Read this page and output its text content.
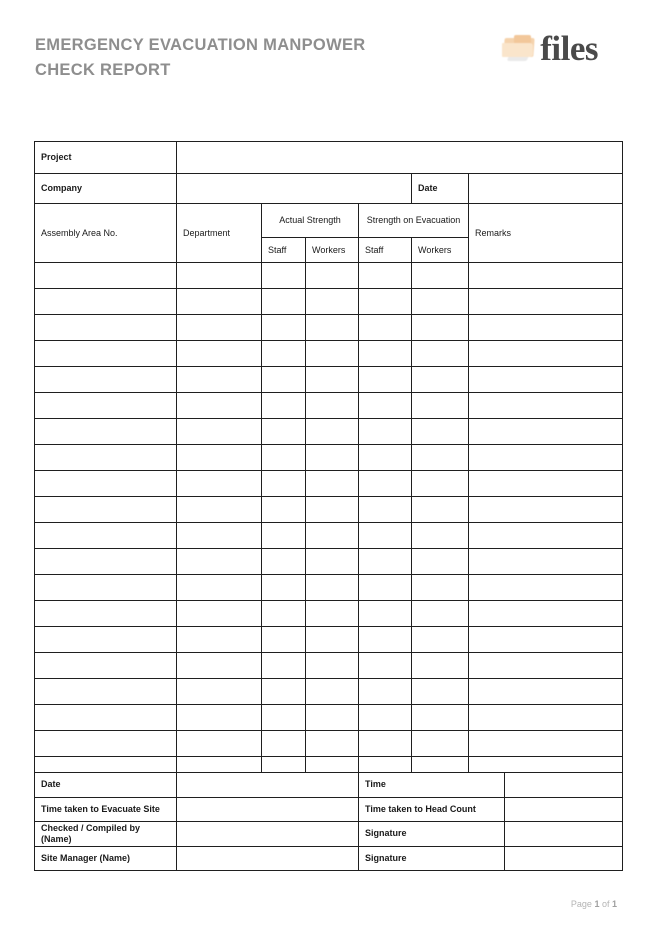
EMERGENCY EVACUATION MANPOWER
CHECK REPORT
files
Project						
Company					Date	
Assembly Area No.	Department	Actual Strength		Strength on Evacuation		Remarks
		Staff	Workers	Staff	Workers	

Date		Time	
Time taken to Evacuate Site		Time taken to Head Count	
Checked / Compiled by (Name)		Signature	
Site Manager (Name)		Signature	
Page 1 of 1
